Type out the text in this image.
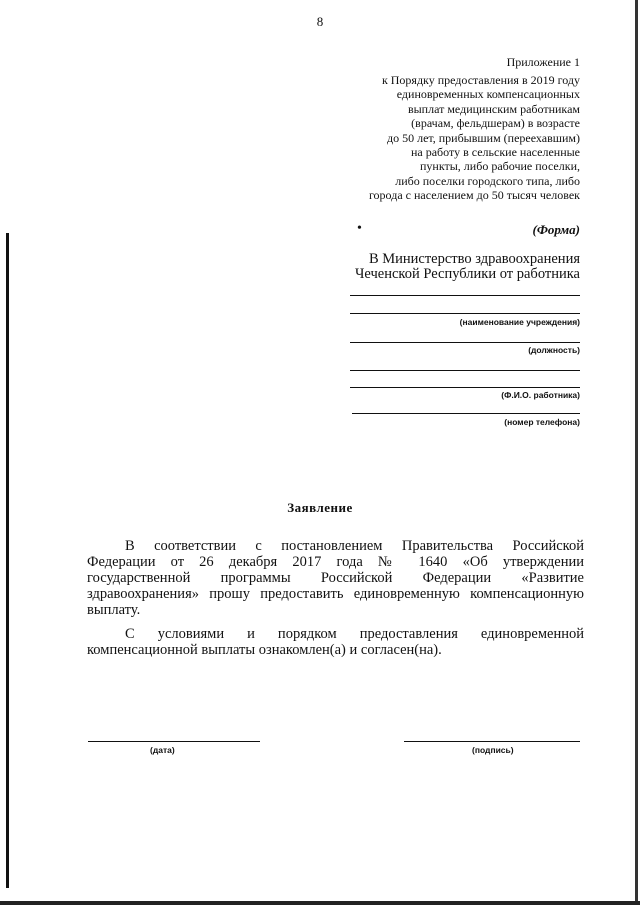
8
Приложение 1
к Порядку предоставления в 2019 году
единовременных компенсационных
выплат медицинским работникам
(врачам, фельдшерам) в возрасте
до 50 лет, прибывшим (переехавшим)
на работу в сельские населенные
пункты, либо рабочие поселки,
либо поселки городского типа, либо
города с населением до 50 тысяч человек
•	(Форма)
В Министерство здравоохранения
Чеченской Республики от работника
(наименование учреждения)
(должность)
(Ф.И.О. работника)
(номер телефона)
Заявление
В соответствии с постановлением Правительства Российской
Федерации от 26 декабря 2017 года № 1640 «Об утверждении
государственной программы Российской Федерации «Развитие
здравоохранения» прошу предоставить единовременную компенсационную
выплату.
С условиями и порядком предоставления единовременной
компенсационной выплаты ознакомлен(а) и согласен(на).
(дата)	(подпись)
